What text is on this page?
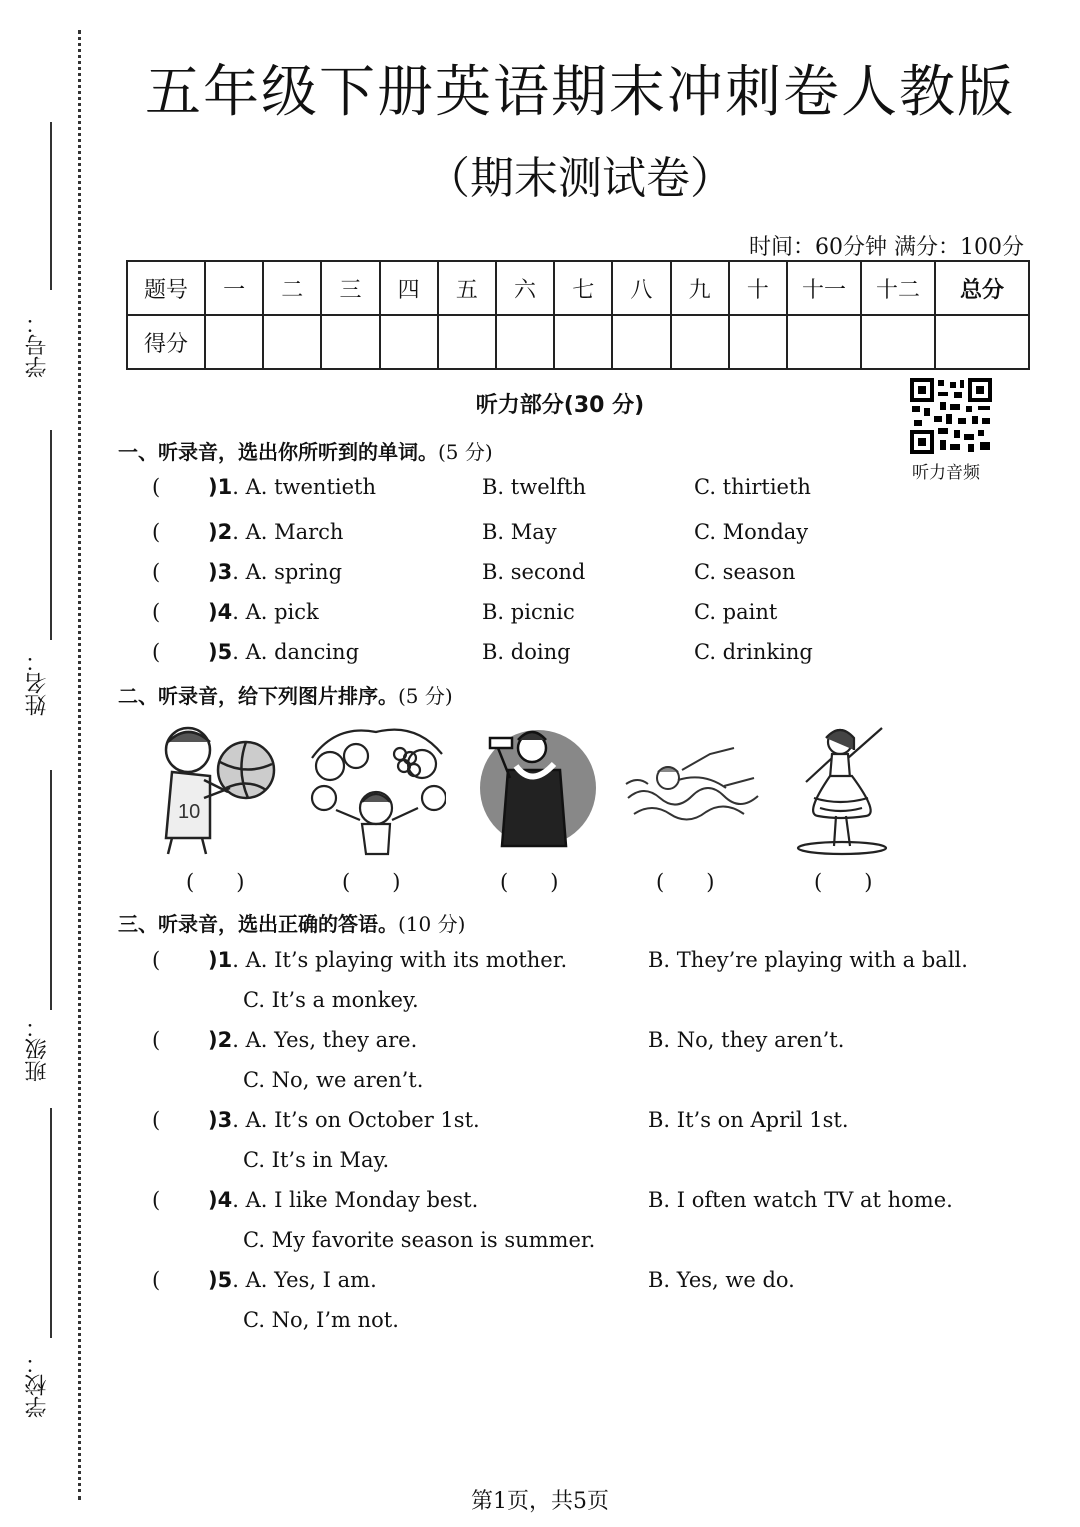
学号：
姓名：
班级：
学校：
五年级下册英语期末冲刺卷人教版
（期末测试卷）
时间：60分钟 满分：100分
题号	一	二	三	四	五	六	七	八	九	十	十一	十二	总分
得分													
听力部分(30 分)
听力音频
一、听录音，选出你所听到的单词。(5 分)
( )1. A. twentieth	B. twelfth	C. thirtieth
( )2. A. March	B. May	C. Monday
( )3. A. spring	B. second	C. season
( )4. A. pick	B. picnic	C. paint
( )5. A. dancing	B. doing	C. drinking
二、听录音，给下列图片排序。(5 分)
10
(　　)	(　　)	(　　)	(　　)	(　　)
三、听录音，选出正确的答语。(10 分)
( )1. A. It’s playing with its mother.	B. They’re playing with a ball.
C. It’s a monkey.
( )2. A. Yes, they are.	B. No, they aren’t.
C. No, we aren’t.
( )3. A. It’s on October 1st.	B. It’s on April 1st.
C. It’s in May.
( )4. A. I like Monday best.	B. I often watch TV at home.
C. My favorite season is summer.
( )5. A. Yes, I am.	B. Yes, we do.
C. No, I’m not.
第1页，共5页
